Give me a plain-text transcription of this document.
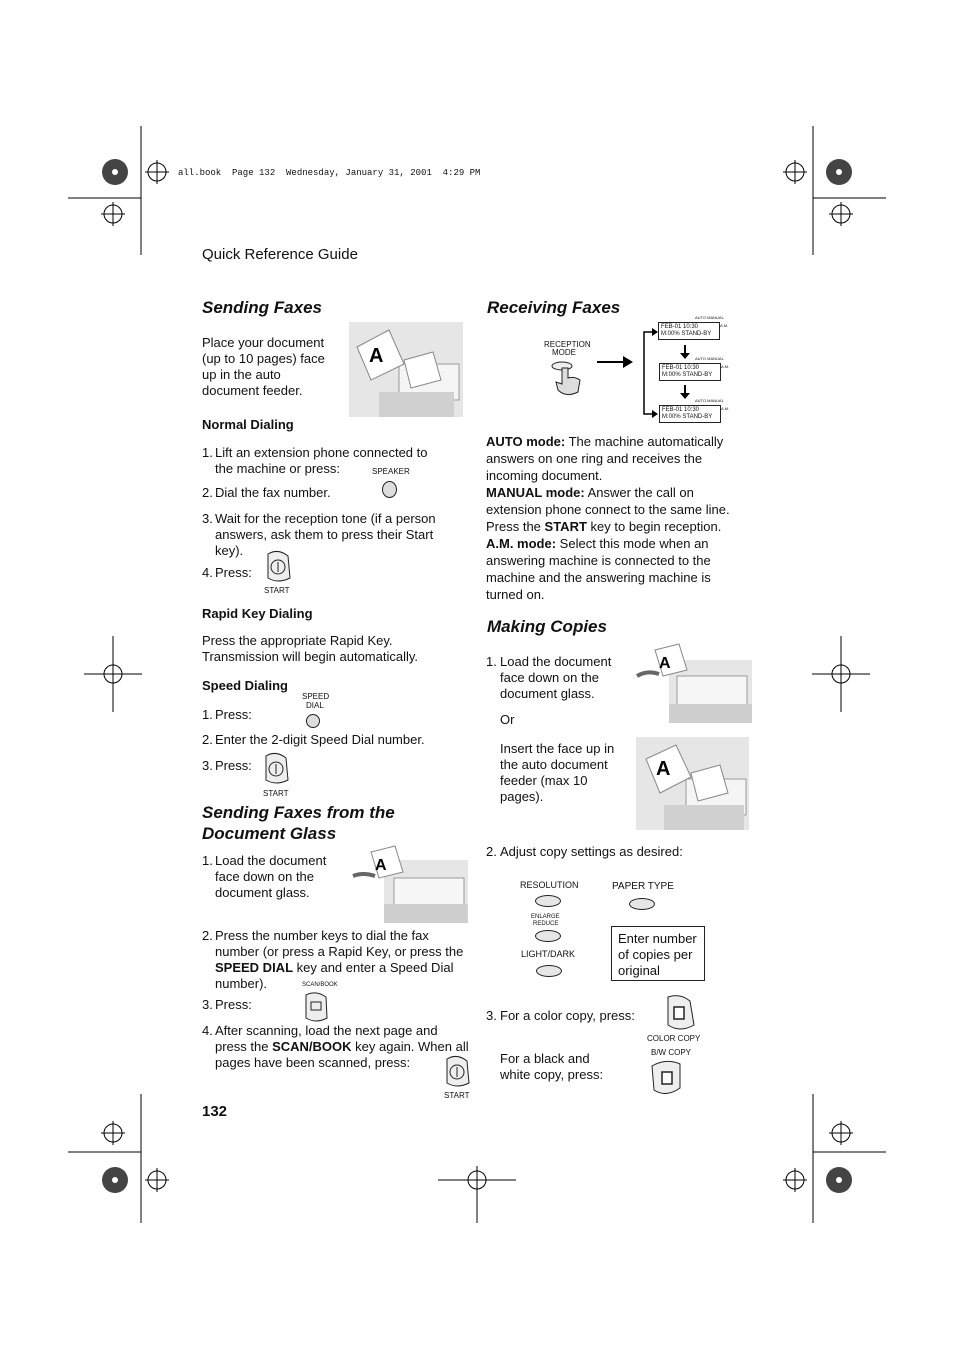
all.book  Page 132  Wednesday, January 31, 2001  4:29 PM
Quick Reference Guide
Sending Faxes
Place your document (up to 10 pages) face up in the auto document feeder.
A
Normal Dialing
1. Lift an extension phone connected to the machine or press:	SPEAKER
2. Dial the fax number.
3. Wait for the reception tone (if a person answers, ask them to press their Start key).
4. Press:
START
Rapid Key Dialing
Press the appropriate Rapid Key. Transmission will begin automatically.
Speed Dialing
SPEED
DIAL
1. Press:
2. Enter the 2-digit Speed Dial number.
3. Press:
START
Sending Faxes from the
Document Glass
1. Load the document face down on the document glass.
A
2. Press the number keys to dial the fax number (or press a Rapid Key, or press the SPEED DIAL key and enter a Speed Dial number).	SCAN/BOOK
3. Press:
4. After scanning, load the next page and press the SCAN/BOOK key again. When all pages have been scanned, press:
START
132
Receiving Faxes
RECEPTION
MODE
AUTO MANUAL
FEB-01 10:30
M:00% STAND-BY
A.M.
AUTO MANUAL
FEB-01 10:30
M:00% STAND-BY
A.M.
AUTO MANUAL
FEB-01 10:30
M:00% STAND-BY
A.M.
AUTO mode: The machine automatically answers on one ring and receives the incoming document.
MANUAL mode: Answer the call on extension phone connect to the same line. Press the START key to begin reception.
A.M. mode: Select this mode when an answering machine is connected to the machine and the answering machine is turned on.
Making Copies
1. Load the document face down on the document glass.
A
Or
Insert the face up in the auto document feeder (max 10 pages).
A
2. Adjust copy settings as desired:
RESOLUTION	PAPER TYPE
ENLARGE
REDUCE
LIGHT/DARK
Enter number of copies per original
3. For a color copy, press:
COLOR COPY
B/W COPY
For a black and white copy, press:
